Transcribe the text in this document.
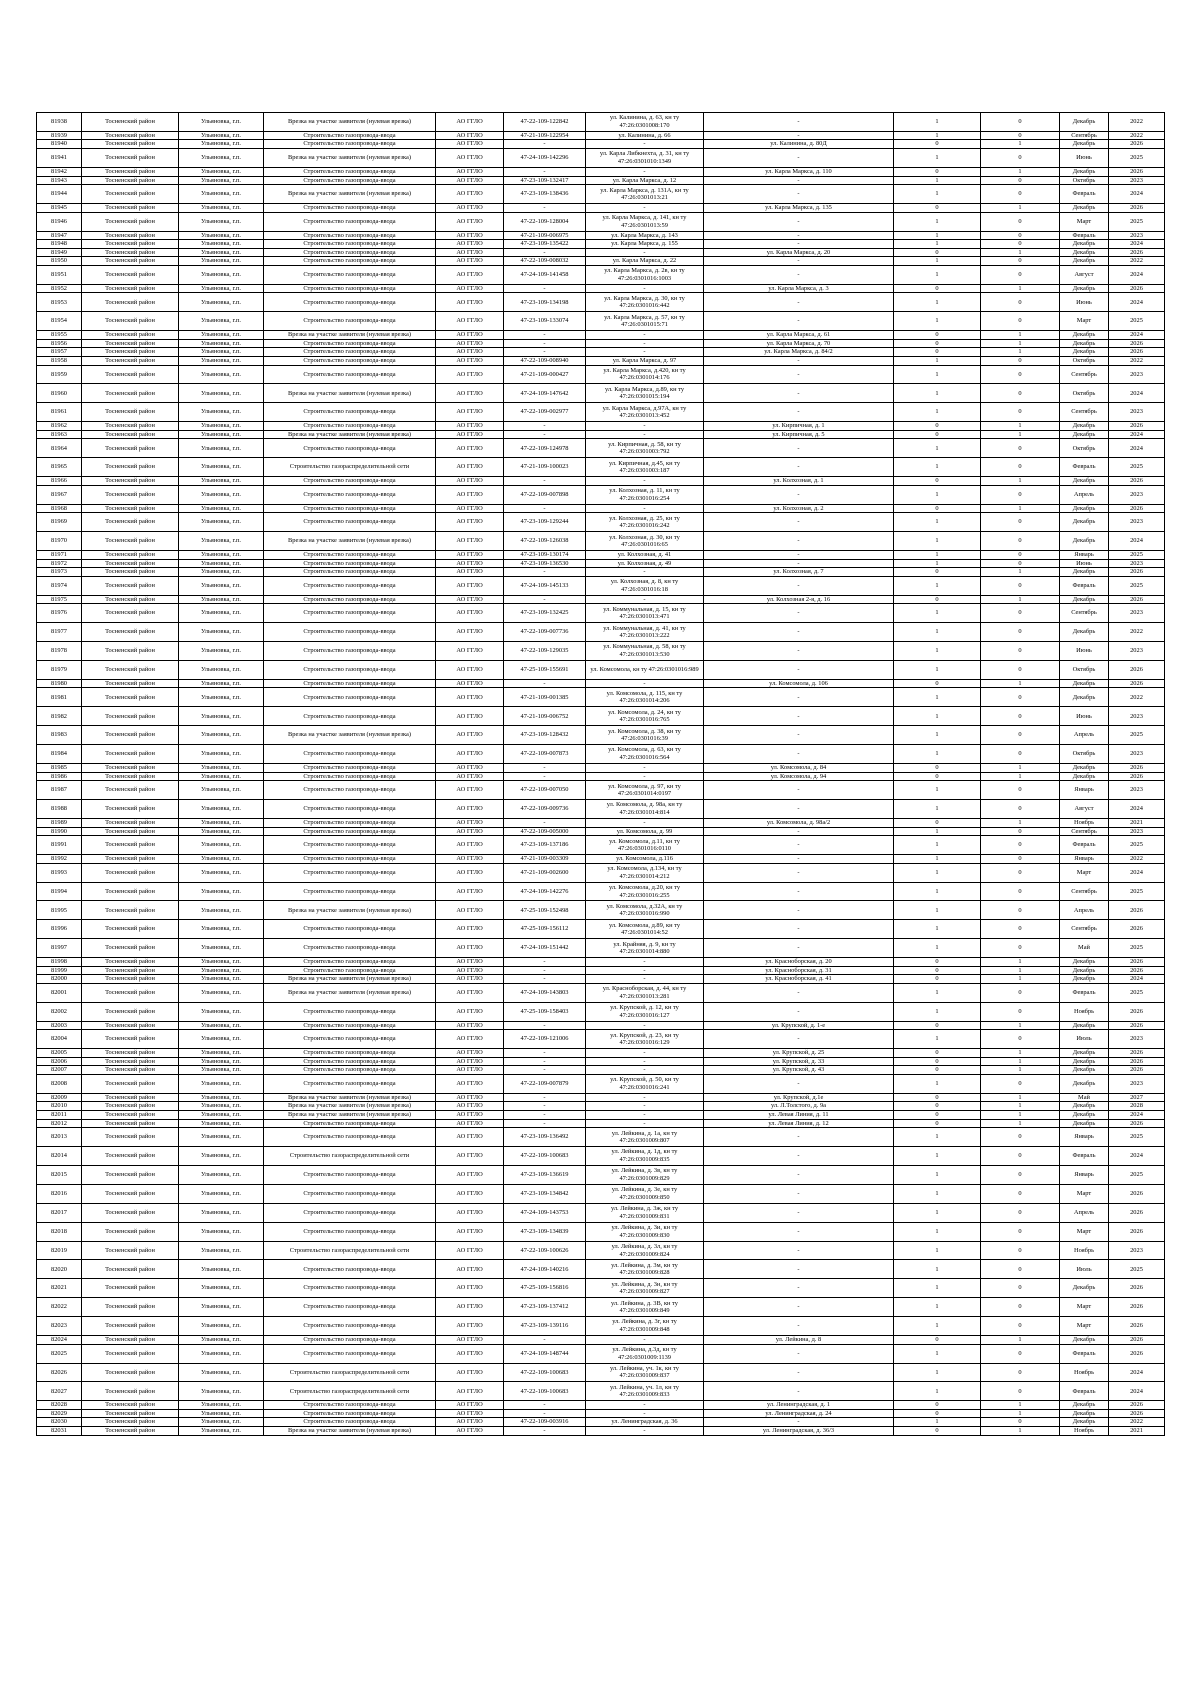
81938	Тосненский район	Ульяновка, г.п.	Врезка на участке заявителя (нулевая врезка)	АО ГГЛО	47-22-109-122842	ул. Калинина, д. 63, кн ту 47:26:0301008:170	-	1	0	Декабрь	2022
81939	Тосненский район	Ульяновка, г.п.	Строительство газопровода-ввода	АО ГГЛО	47-21-109-122954	ул. Калинина, д. 66	-	1	0	Сентябрь	2022
81940	Тосненский район	Ульяновка, г.п.	Строительство газопровода-ввода	АО ГГЛО	-	-	ул. Калинина, д. 80Д	0	1	Декабрь	2026
81941	Тосненский район	Ульяновка, г.п.	Врезка на участке заявителя (нулевая врезка)	АО ГГЛО	47-24-109-142296	ул. Карла Либкнехта, д. 31, кн ту 47:26:0301010:1349	-	1	0	Июнь	2025
81942	Тосненский район	Ульяновка, г.п.	Строительство газопровода-ввода	АО ГГЛО	-	-	ул. Карла Маркса, д. 110	0	1	Декабрь	2026
81943	Тосненский район	Ульяновка, г.п.	Строительство газопровода-ввода	АО ГГЛО	47-23-109-132417	ул. Карла Маркса, д. 12	-	1	0	Октябрь	2023
81944	Тосненский район	Ульяновка, г.п.	Врезка на участке заявителя (нулевая врезка)	АО ГГЛО	47-23-109-138436	ул. Карла Маркса, д. 131А, кн ту 47:26:0301013:21	-	1	0	Февраль	2024
81945	Тосненский район	Ульяновка, г.п.	Строительство газопровода-ввода	АО ГГЛО	-	-	ул. Карла Маркса, д. 135	0	1	Декабрь	2026
81946	Тосненский район	Ульяновка, г.п.	Строительство газопровода-ввода	АО ГГЛО	47-22-109-128004	ул. Карла Маркса, д. 141, кн ту 47:26:0301013:59	-	1	0	Март	2025
81947	Тосненский район	Ульяновка, г.п.	Строительство газопровода-ввода	АО ГГЛО	47-21-109-006975	ул. Карла Маркса, д. 143	-	1	0	Февраль	2023
81948	Тосненский район	Ульяновка, г.п.	Строительство газопровода-ввода	АО ГГЛО	47-23-109-135422	ул. Карла Маркса, д. 155	-	1	0	Декабрь	2024
81949	Тосненский район	Ульяновка, г.п.	Строительство газопровода-ввода	АО ГГЛО	-	-	ул. Карла Маркса, д. 20	0	1	Декабрь	2026
81950	Тосненский район	Ульяновка, г.п.	Строительство газопровода-ввода	АО ГГЛО	47-22-109-008032	ул. Карла Маркса, д. 22	-	1	0	Декабрь	2022
81951	Тосненский район	Ульяновка, г.п.	Строительство газопровода-ввода	АО ГГЛО	47-24-109-141458	ул. Карла Маркса, д. 2в, кн ту 47:26:0301016:1003	-	1	0	Август	2024
81952	Тосненский район	Ульяновка, г.п.	Строительство газопровода-ввода	АО ГГЛО	-	-	ул. Карла Маркса, д. 3	0	1	Декабрь	2026
81953	Тосненский район	Ульяновка, г.п.	Строительство газопровода-ввода	АО ГГЛО	47-23-109-134198	ул. Карла Маркса, д. 30, кн ту 47:26:0301016:442	-	1	0	Июнь	2024
81954	Тосненский район	Ульяновка, г.п.	Строительство газопровода-ввода	АО ГГЛО	47-23-109-133074	ул. Карла Маркса, д. 57, кн ту 47:26:0301015:71	-	1	0	Март	2025
81955	Тосненский район	Ульяновка, г.п.	Врезка на участке заявителя (нулевая врезка)	АО ГГЛО	-	-	ул. Карла Маркса, д. 61	0	1	Декабрь	2024
81956	Тосненский район	Ульяновка, г.п.	Строительство газопровода-ввода	АО ГГЛО	-	-	ул. Карла Маркса, д. 70	0	1	Декабрь	2026
81957	Тосненский район	Ульяновка, г.п.	Строительство газопровода-ввода	АО ГГЛО	-	-	ул. Карла Маркса, д. 84/2	0	1	Декабрь	2026
81958	Тосненский район	Ульяновка, г.п.	Строительство газопровода-ввода	АО ГГЛО	47-22-109-008940	ул. Карла Маркса, д. 97	-	1	0	Октябрь	2022
81959	Тосненский район	Ульяновка, г.п.	Строительство газопровода-ввода	АО ГГЛО	47-21-109-000427	ул. Карла Маркса, д.420, кн ту 47:26:0301014:176	-	1	0	Сентябрь	2023
81960	Тосненский район	Ульяновка, г.п.	Врезка на участке заявителя (нулевая врезка)	АО ГГЛО	47-24-109-147642	ул. Карла Маркса, д.89, кн ту 47:26:0301015:194	-	1	0	Октябрь	2024
81961	Тосненский район	Ульяновка, г.п.	Строительство газопровода-ввода	АО ГГЛО	47-22-109-002977	ул. Карла Маркса, д.97А, кн ту 47:26:0301013:452	-	1	0	Сентябрь	2023
81962	Тосненский район	Ульяновка, г.п.	Строительство газопровода-ввода	АО ГГЛО	-	-	ул. Кирпичная, д. 1	0	1	Декабрь	2026
81963	Тосненский район	Ульяновка, г.п.	Врезка на участке заявителя (нулевая врезка)	АО ГГЛО	-	-	ул. Кирпичная, д. 5	0	1	Декабрь	2024
81964	Тосненский район	Ульяновка, г.п.	Строительство газопровода-ввода	АО ГГЛО	47-22-109-124978	ул. Кирпичная, д. 58, кн ту 47:26:0301003:792	-	1	0	Октябрь	2024
81965	Тосненский район	Ульяновка, г.п.	Строительство газораспределительной сети	АО ГГЛО	47-21-109-100023	ул. Кирпичная, д.45, кн ту 47:26:0301003:187	-	1	0	Февраль	2025
81966	Тосненский район	Ульяновка, г.п.	Строительство газопровода-ввода	АО ГГЛО	-	-	ул. Колхозная, д. 1	0	1	Декабрь	2026
81967	Тосненский район	Ульяновка, г.п.	Строительство газопровода-ввода	АО ГГЛО	47-22-109-007898	ул. Колхозная, д. 11, кн ту 47:26:0301016:254	-	1	0	Апрель	2023
81968	Тосненский район	Ульяновка, г.п.	Строительство газопровода-ввода	АО ГГЛО	-	-	ул. Колхозная, д. 2	0	1	Декабрь	2026
81969	Тосненский район	Ульяновка, г.п.	Строительство газопровода-ввода	АО ГГЛО	47-23-109-129244	ул. Колхозная, д. 25, кн ту 47:26:0301016:242	-	1	0	Декабрь	2023
81970	Тосненский район	Ульяновка, г.п.	Врезка на участке заявителя (нулевая врезка)	АО ГГЛО	47-22-109-126038	ул. Колхозная, д. 30, кн ту 47:26:0301016:65	-	1	0	Декабрь	2024
81971	Тосненский район	Ульяновка, г.п.	Строительство газопровода-ввода	АО ГГЛО	47-23-109-130174	ул. Колхозная, д. 41	-	1	0	Январь	2025
81972	Тосненский район	Ульяновка, г.п.	Строительство газопровода-ввода	АО ГГЛО	47-23-109-136530	ул. Колхозная, д. 49	-	1	0	Июнь	2023
81973	Тосненский район	Ульяновка, г.п.	Строительство газопровода-ввода	АО ГГЛО	-	-	ул. Колхозная, д. 7	0	1	Декабрь	2026
81974	Тосненский район	Ульяновка, г.п.	Строительство газопровода-ввода	АО ГГЛО	47-24-109-145133	ул. Колхозная, д. 8, кн ту 47:26:0301016:18	-	1	0	Февраль	2025
81975	Тосненский район	Ульяновка, г.п.	Строительство газопровода-ввода	АО ГГЛО	-	-	ул. Колхозная 2-я, д. 16	0	1	Декабрь	2026
81976	Тосненский район	Ульяновка, г.п.	Строительство газопровода-ввода	АО ГГЛО	47-23-109-132425	ул. Коммунальная, д. 15, кн ту 47:26:0301013:471	-	1	0	Сентябрь	2023
81977	Тосненский район	Ульяновка, г.п.	Строительство газопровода-ввода	АО ГГЛО	47-22-109-007736	ул. Коммунальная, д. 41, кн ту 47:26:0301013:222	-	1	0	Декабрь	2022
81978	Тосненский район	Ульяновка, г.п.	Строительство газопровода-ввода	АО ГГЛО	47-22-109-129035	ул. Коммунальная, д. 58, кн ту 47:26:0301013:530	-	1	0	Июнь	2023
81979	Тосненский район	Ульяновка, г.п.	Строительство газопровода-ввода	АО ГГЛО	47-25-109-155691	ул. Комсомола, кн ту 47:26:0301016:989	-	1	0	Октябрь	2026
81980	Тосненский район	Ульяновка, г.п.	Строительство газопровода-ввода	АО ГГЛО	-	-	ул. Комсомола, д. 106	0	1	Декабрь	2026
81981	Тосненский район	Ульяновка, г.п.	Строительство газопровода-ввода	АО ГГЛО	47-21-109-001385	ул. Комсомола, д. 115, кн ту 47:26:0301014:206	-	1	0	Декабрь	2022
81982	Тосненский район	Ульяновка, г.п.	Строительство газопровода-ввода	АО ГГЛО	47-21-109-006752	ул. Комсомола, д. 24, кн ту 47:26:0301016:765	-	1	0	Июнь	2023
81983	Тосненский район	Ульяновка, г.п.	Врезка на участке заявителя (нулевая врезка)	АО ГГЛО	47-23-109-128432	ул. Комсомола, д. 38, кн ту 47:26:0301016:39	-	1	0	Апрель	2025
81984	Тосненский район	Ульяновка, г.п.	Строительство газопровода-ввода	АО ГГЛО	47-22-109-007873	ул. Комсомола, д. 63, кн ту 47:26:0301016:564	-	1	0	Октябрь	2023
81985	Тосненский район	Ульяновка, г.п.	Строительство газопровода-ввода	АО ГГЛО	-	-	ул. Комсомола, д. 84	0	1	Декабрь	2026
81986	Тосненский район	Ульяновка, г.п.	Строительство газопровода-ввода	АО ГГЛО	-	-	ул. Комсомола, д. 94	0	1	Декабрь	2026
81987	Тосненский район	Ульяновка, г.п.	Строительство газопровода-ввода	АО ГГЛО	47-22-109-007050	ул. Комсомола, д. 97, кн ту 47:26:0301014:0197	-	1	0	Январь	2023
81988	Тосненский район	Ульяновка, г.п.	Строительство газопровода-ввода	АО ГГЛО	47-22-109-009736	ул. Комсомола, д. 98а, кн ту 47:26:0301014:814	-	1	0	Август	2024
81989	Тосненский район	Ульяновка, г.п.	Строительство газопровода-ввода	АО ГГЛО	-	-	ул. Комсомола, д. 98а/2	0	1	Ноябрь	2021
81990	Тосненский район	Ульяновка, г.п.	Строительство газопровода-ввода	АО ГГЛО	47-22-109-005000	ул. Комсомола, д. 99	-	1	0	Сентябрь	2023
81991	Тосненский район	Ульяновка, г.п.	Строительство газопровода-ввода	АО ГГЛО	47-23-109-137186	ул. Комсомола, д.11, кн ту 47:26:0301016:0110	-	1	0	Февраль	2025
81992	Тосненский район	Ульяновка, г.п.	Строительство газопровода-ввода	АО ГГЛО	47-21-109-003309	ул. Комсомола, д.116	-	1	0	Январь	2022
81993	Тосненский район	Ульяновка, г.п.	Строительство газопровода-ввода	АО ГГЛО	47-21-109-002600	ул. Комсомола, д.134, кн ту 47:26:0301014:212	-	1	0	Март	2024
81994	Тосненский район	Ульяновка, г.п.	Строительство газопровода-ввода	АО ГГЛО	47-24-109-142276	ул. Комсомола, д.20, кн ту 47:26:0301016:255	-	1	0	Сентябрь	2025
81995	Тосненский район	Ульяновка, г.п.	Врезка на участке заявителя (нулевая врезка)	АО ГГЛО	47-25-109-152498	ул. Комсомола, д.32А, кн ту 47:26:0301016:990	-	1	0	Апрель	2026
81996	Тосненский район	Ульяновка, г.п.	Строительство газопровода-ввода	АО ГГЛО	47-25-109-156112	ул. Комсомола, д.89, кн ту 47:26:0301014:52	-	1	0	Сентябрь	2026
81997	Тосненский район	Ульяновка, г.п.	Строительство газопровода-ввода	АО ГГЛО	47-24-109-151442	ул. Крайняя, д. 9, кн ту 47:26:0301014:880	-	1	0	Май	2025
81998	Тосненский район	Ульяновка, г.п.	Строительство газопровода-ввода	АО ГГЛО	-	-	ул. Красноборская, д. 20	0	1	Декабрь	2026
81999	Тосненский район	Ульяновка, г.п.	Строительство газопровода-ввода	АО ГГЛО	-	-	ул. Красноборская, д. 31	0	1	Декабрь	2026
82000	Тосненский район	Ульяновка, г.п.	Врезка на участке заявителя (нулевая врезка)	АО ГГЛО	-	-	ул. Красноборская, д. 41	0	1	Декабрь	2024
82001	Тосненский район	Ульяновка, г.п.	Врезка на участке заявителя (нулевая врезка)	АО ГГЛО	47-24-109-143803	ул. Красноборская, д. 44, кн ту 47:26:0301013:281	-	1	0	Февраль	2025
82002	Тосненский район	Ульяновка, г.п.	Строительство газопровода-ввода	АО ГГЛО	47-25-109-158403	ул. Крупской, д. 12, кн ту 47:26:0301016:127	-	1	0	Ноябрь	2026
82003	Тосненский район	Ульяновка, г.п.	Строительство газопровода-ввода	АО ГГЛО	-	-	ул. Крупской, д. 1-е	0	1	Декабрь	2026
82004	Тосненский район	Ульяновка, г.п.	Строительство газопровода-ввода	АО ГГЛО	47-22-109-121006	ул. Крупской, д. 23, кн ту 47:26:0301016:129	-	1	0	Июль	2023
82005	Тосненский район	Ульяновка, г.п.	Строительство газопровода-ввода	АО ГГЛО	-	-	ул. Крупской, д. 25	0	1	Декабрь	2026
82006	Тосненский район	Ульяновка, г.п.	Строительство газопровода-ввода	АО ГГЛО	-	-	ул. Крупской, д. 33	0	1	Декабрь	2026
82007	Тосненский район	Ульяновка, г.п.	Строительство газопровода-ввода	АО ГГЛО	-	-	ул. Крупской, д. 43	0	1	Декабрь	2026
82008	Тосненский район	Ульяновка, г.п.	Строительство газопровода-ввода	АО ГГЛО	47-22-109-007879	ул. Крупской, д. 50, кн ту 47:26:0301016:241	-	1	0	Декабрь	2023
82009	Тосненский район	Ульяновка, г.п.	Врезка на участке заявителя (нулевая врезка)	АО ГГЛО	-	-	ул. Крупской, д.1е	0	1	Май	2027
82010	Тосненский район	Ульяновка, г.п.	Врезка на участке заявителя (нулевая врезка)	АО ГГЛО	-	-	ул. Л.Толстого, д. 9а	0	1	Декабрь	2028
82011	Тосненский район	Ульяновка, г.п.	Врезка на участке заявителя (нулевая врезка)	АО ГГЛО	-	-	ул. Левая Линия, д. 11	0	1	Декабрь	2024
82012	Тосненский район	Ульяновка, г.п.	Строительство газопровода-ввода	АО ГГЛО	-	-	ул. Левая Линия, д. 12	0	1	Декабрь	2026
82013	Тосненский район	Ульяновка, г.п.	Строительство газопровода-ввода	АО ГГЛО	47-23-109-136492	ул. Лейкина, д. 1а, кн ту 47:26:0301009:807	-	1	0	Январь	2025
82014	Тосненский район	Ульяновка, г.п.	Строительство газораспределительной сети	АО ГГЛО	47-22-109-100683	ул. Лейкина, д. 1д, кн ту 47:26:0301009:835	-	1	0	Февраль	2024
82015	Тосненский район	Ульяновка, г.п.	Строительство газопровода-ввода	АО ГГЛО	47-23-109-136619	ул. Лейкина, д. 3в, кн ту 47:26:0301009:829	-	1	0	Январь	2025
82016	Тосненский район	Ульяновка, г.п.	Строительство газопровода-ввода	АО ГГЛО	47-23-109-134842	ул. Лейкина, д. 3е, кн ту 47:26:0301009:850	-	1	0	Март	2026
82017	Тосненский район	Ульяновка, г.п.	Строительство газопровода-ввода	АО ГГЛО	47-24-109-143753	ул. Лейкина, д. 3ж, кн ту 47:26:0301009:831	-	1	0	Апрель	2026
82018	Тосненский район	Ульяновка, г.п.	Строительство газопровода-ввода	АО ГГЛО	47-23-109-134839	ул. Лейкина, д. 3и, кн ту 47:26:0301009:830	-	1	0	Март	2026
82019	Тосненский район	Ульяновка, г.п.	Строительство газораспределительной сети	АО ГГЛО	47-22-109-100626	ул. Лейкина, д. 3л, кн ту 47:26:0301009:824	-	1	0	Ноябрь	2023
82020	Тосненский район	Ульяновка, г.п.	Строительство газопровода-ввода	АО ГГЛО	47-24-109-140216	ул. Лейкина, д. 3м, кн ту 47:26:0301009:828	-	1	0	Июль	2025
82021	Тосненский район	Ульяновка, г.п.	Строительство газопровода-ввода	АО ГГЛО	47-25-109-156816	ул. Лейкина, д. 3н, кн ту 47:26:0301009:827	-	1	0	Декабрь	2026
82022	Тосненский район	Ульяновка, г.п.	Строительство газопровода-ввода	АО ГГЛО	47-23-109-137412	ул. Лейкина, д. 3В, кн ту 47:26:0301009:849	-	1	0	Март	2026
82023	Тосненский район	Ульяновка, г.п.	Строительство газопровода-ввода	АО ГГЛО	47-23-109-139116	ул. Лейкина, д. 3г, кн ту 47:26:0301009:848	-	1	0	Март	2026
82024	Тосненский район	Ульяновка, г.п.	Строительство газопровода-ввода	АО ГГЛО	-	-	ул. Лейкина, д. 8	0	1	Декабрь	2026
82025	Тосненский район	Ульяновка, г.п.	Строительство газопровода-ввода	АО ГГЛО	47-24-109-148744	ул. Лейкина, д.3д, кн ту 47:26:0301009:1139	-	1	0	Февраль	2026
82026	Тосненский район	Ульяновка, г.п.	Строительство газораспределительной сети	АО ГГЛО	47-22-109-100683	ул. Лейкина, уч. 1к, кн ту 47:26:0301009:837	-	1	0	Ноябрь	2024
82027	Тосненский район	Ульяновка, г.п.	Строительство газораспределительной сети	АО ГГЛО	47-22-109-100683	ул. Лейкина, уч. 1л, кн ту 47:26:0301009:833	-	1	0	Февраль	2024
82028	Тосненский район	Ульяновка, г.п.	Строительство газопровода-ввода	АО ГГЛО	-	-	ул. Ленинградская, д. 1	0	1	Декабрь	2026
82029	Тосненский район	Ульяновка, г.п.	Строительство газопровода-ввода	АО ГГЛО	-	-	ул. Ленинградская, д. 24	0	1	Декабрь	2026
82030	Тосненский район	Ульяновка, г.п.	Строительство газопровода-ввода	АО ГГЛО	47-22-109-003916	ул. Ленинградская, д. 36	-	1	0	Декабрь	2022
82031	Тосненский район	Ульяновка, г.п.	Врезка на участке заявителя (нулевая врезка)	АО ГГЛО	-	-	ул. Ленинградская, д. 36/3	0	1	Ноябрь	2021
